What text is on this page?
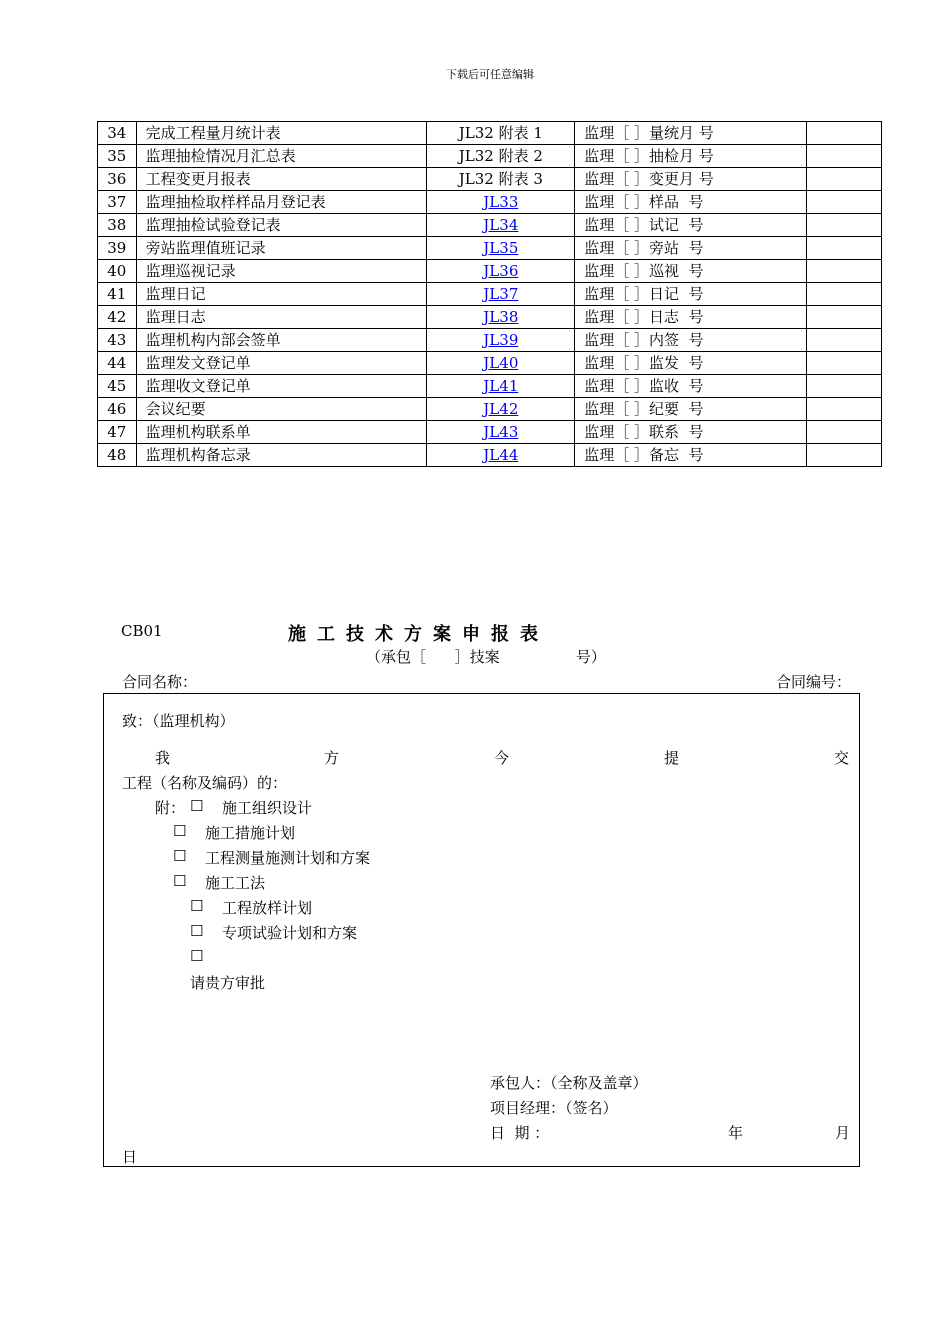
下载后可任意编辑
34	完成工程量月统计表	JL32 附表 1	监理［ ］量统月 号	
35	监理抽检情况月汇总表	JL32 附表 2	监理［ ］抽检月 号	
36	工程变更月报表	JL32 附表 3	监理［ ］变更月 号	
37	监理抽检取样样品月登记表	JL33	监理［ ］样品  号	
38	监理抽检试验登记表	JL34	监理［ ］试记  号	
39	旁站监理值班记录	JL35	监理［ ］旁站  号	
40	监理巡视记录	JL36	监理［ ］巡视  号	
41	监理日记	JL37	监理［ ］日记  号	
42	监理日志	JL38	监理［ ］日志  号	
43	监理机构内部会签单	JL39	监理［ ］内签  号	
44	监理发文登记单	JL40	监理［ ］监发  号	
45	监理收文登记单	JL41	监理［ ］监收  号	
46	会议纪要	JL42	监理［ ］纪要  号	
47	监理机构联系单	JL43	监理［ ］联系  号	
48	监理机构备忘录	JL44	监理［ ］备忘  号	
CB01	施工技术方案申报表
（承包［      ］技案                号）
合同名称：	合同编号：
致：（监理机构）
我	方	今	提	交
工程（名称及编码）的：
附： ☐ 施工组织设计
☐ 施工措施计划
☐ 工程测量施测计划和方案
☐ 施工工法
☐ 工程放样计划
☐ 专项试验计划和方案
☐
请贵方审批
承包人：（全称及盖章）
项目经理：（签名）
日  期 ：	年	月
日
